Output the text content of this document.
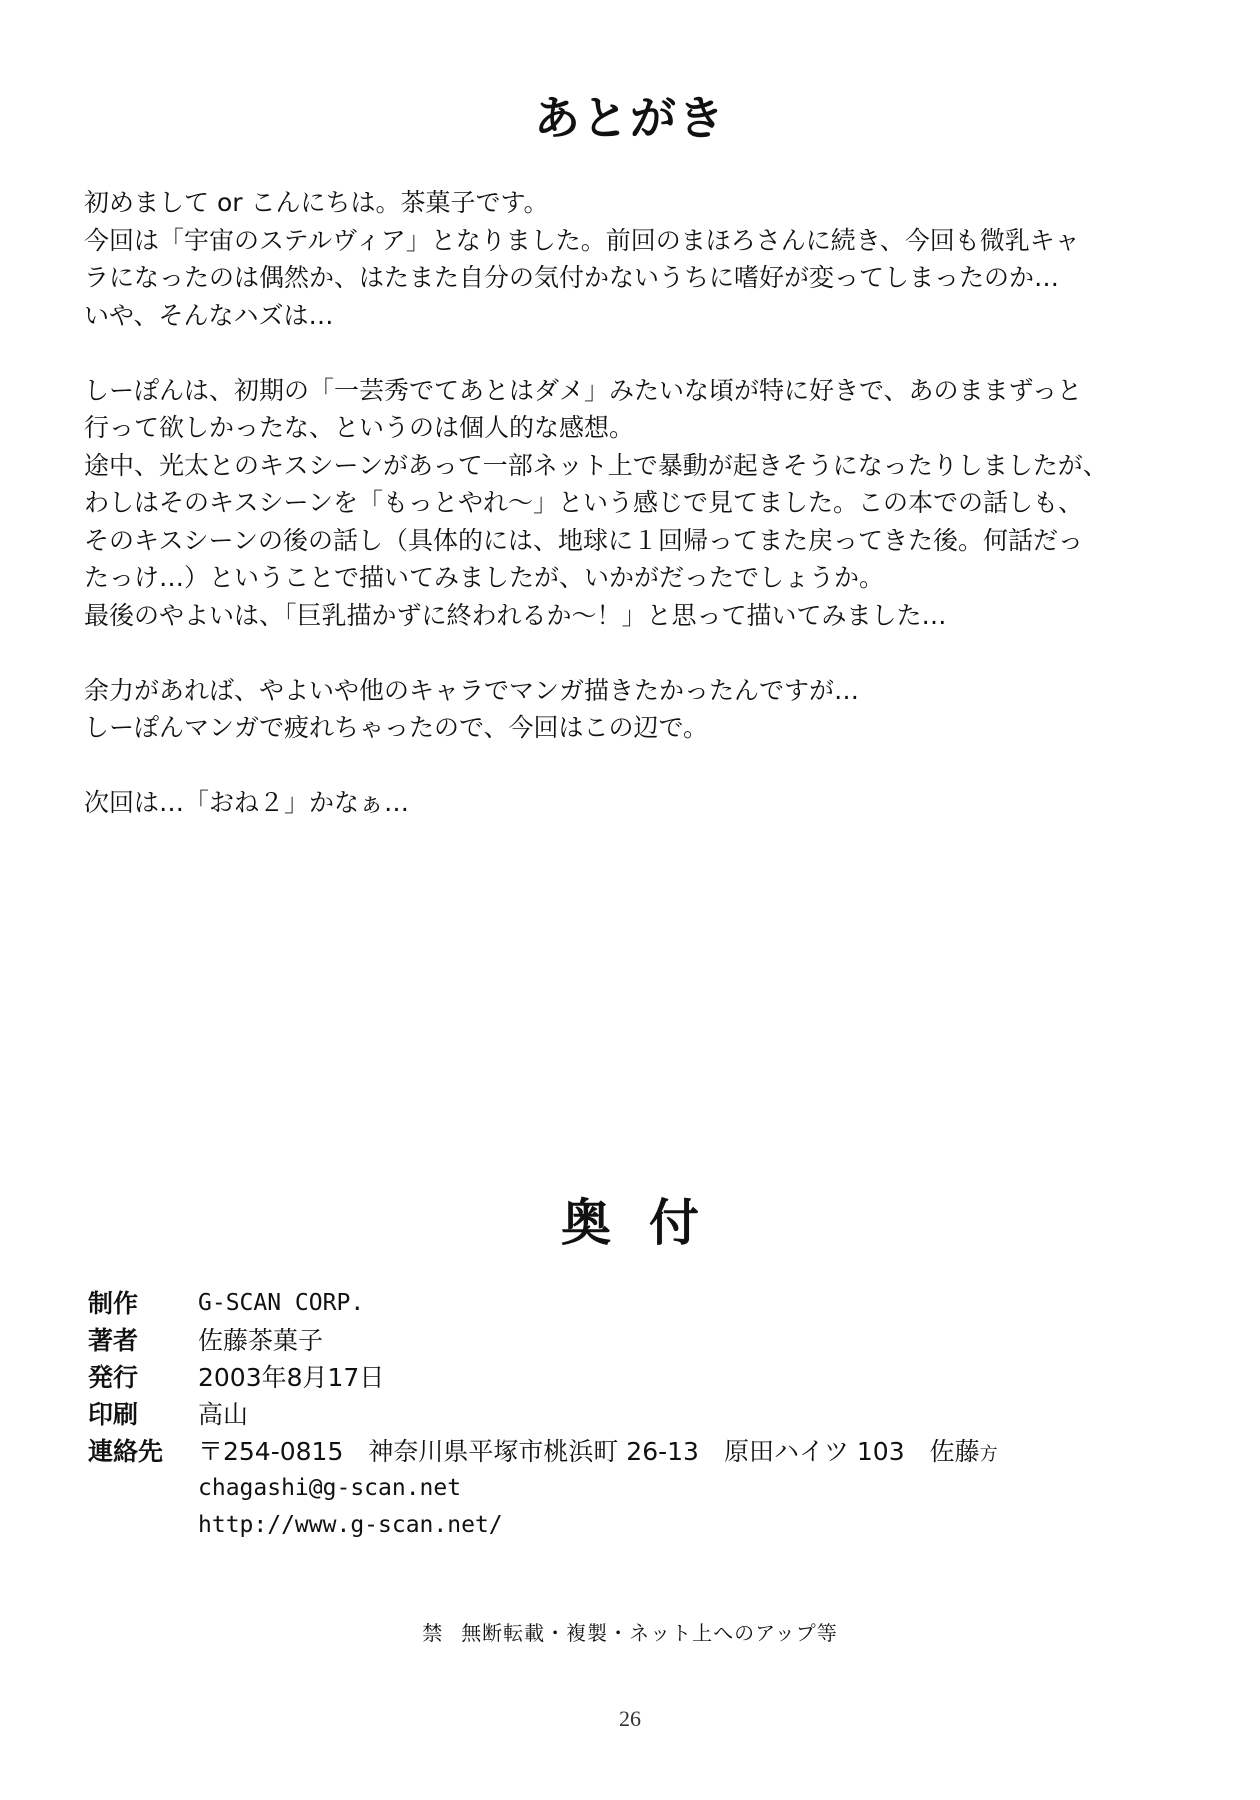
あとがき
初めまして or こんにちは。茶菓子です。
今回は「宇宙のステルヴィア」となりました。前回のまほろさんに続き、今回も微乳キャ
ラになったのは偶然か、はたまた自分の気付かないうちに嗜好が変ってしまったのか…
いや、そんなハズは…
しーぽんは、初期の「一芸秀でてあとはダメ」みたいな頃が特に好きで、あのままずっと
行って欲しかったな、というのは個人的な感想。
途中、光太とのキスシーンがあって一部ネット上で暴動が起きそうになったりしましたが、
わしはそのキスシーンを「もっとやれ～」という感じで見てました。この本での話しも、
そのキスシーンの後の話し（具体的には、地球に１回帰ってまた戻ってきた後。何話だっ
たっけ…）ということで描いてみましたが、いかがだったでしょうか。
最後のやよいは、「巨乳描かずに終われるか～！」と思って描いてみました…
余力があれば、やよいや他のキャラでマンガ描きたかったんですが…
しーぽんマンガで疲れちゃったので、今回はこの辺で。
次回は…「おね２」かなぁ…
奥付
制作	G-SCAN CORP.
著者	佐藤茶菓子
発行	2003年8月17日
印刷	高山
連絡先	〒254-0815　神奈川県平塚市桃浜町 26-13　原田ハイツ 103　佐藤方
chagashi@g-scan.net
http://www.g-scan.net/
禁 無断転載・複製・ネット上へのアップ等
26
